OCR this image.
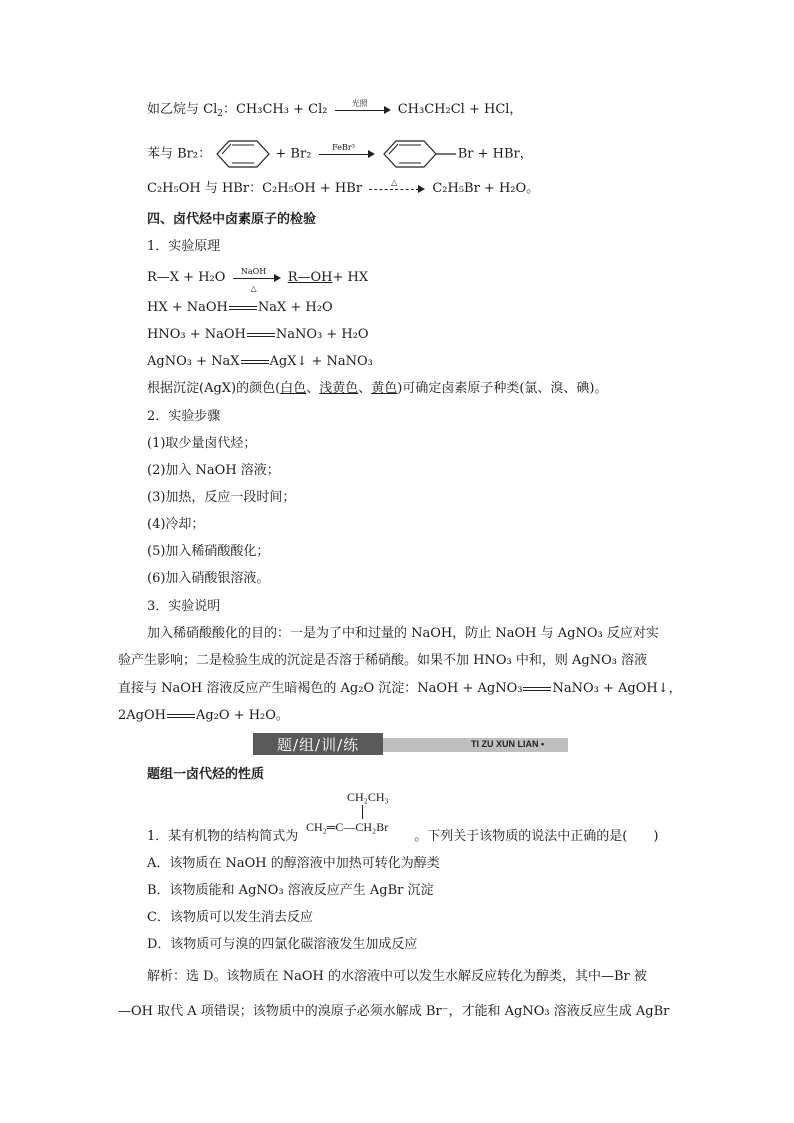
如乙烷与 $Cl_2$：CH₃CH₃ + Cl₂	光照	CH₃CH₂Cl + HCl，
苯与 Br₂：	+ Br₂	FeBr³	Br + HBr，
C₂H₅OH 与 HBr：C₂H₅OH + HBr	△	C₂H₅Br + H₂O。
四、卤代烃中卤素原子的检验
1．实验原理
R—X + H₂O	NaOH
△
R—OH+ HX
HX + NaOH NaX + H₂O
HNO₃ + NaOH NaNO₃ + H₂O
AgNO₃ + NaX AgX↓ + NaNO₃
根据沉淀(AgX)的颜色(白色、浅黄色、黄色)可确定卤素原子种类(氯、溴、碘)。
2．实验步骤
(1)取少量卤代烃；
(2)加入 NaOH 溶液；
(3)加热，反应一段时间；
(4)冷却；
(5)加入稀硝酸酸化；
(6)加入硝酸银溶液。
3．实验说明
加入稀硝酸酸化的目的：一是为了中和过量的 NaOH，防止 NaOH 与 AgNO₃ 反应对实
验产生影响；二是检验生成的沉淀是否溶于稀硝酸。如果不加 HNO₃ 中和，则 AgNO₃ 溶液
直接与 NaOH 溶液反应产生暗褐色的 Ag₂O 沉淀：NaOH + AgNO₃ NaNO₃ + AgOH↓，
2AgOH Ag₂O + H₂O。
题/组/训/练	TI ZU XUN LIAN •
题组一卤代烃的性质
CH₂CH₃
CH₂═C—CH₂Br
1．某有机物的结构简式为	。下列关于该物质的说法中正确的是(　　)
A．该物质在 NaOH 的醇溶液中加热可转化为醇类
B．该物质能和 AgNO₃ 溶液反应产生 AgBr 沉淀
C．该物质可以发生消去反应
D．该物质可与溴的四氯化碳溶液发生加成反应
解析：选 D。该物质在 NaOH 的水溶液中可以发生水解反应转化为醇类，其中—Br 被
—OH 取代 A 项错误；该物质中的溴原子必须水解成 Br⁻，才能和 AgNO₃ 溶液反应生成 AgBr
